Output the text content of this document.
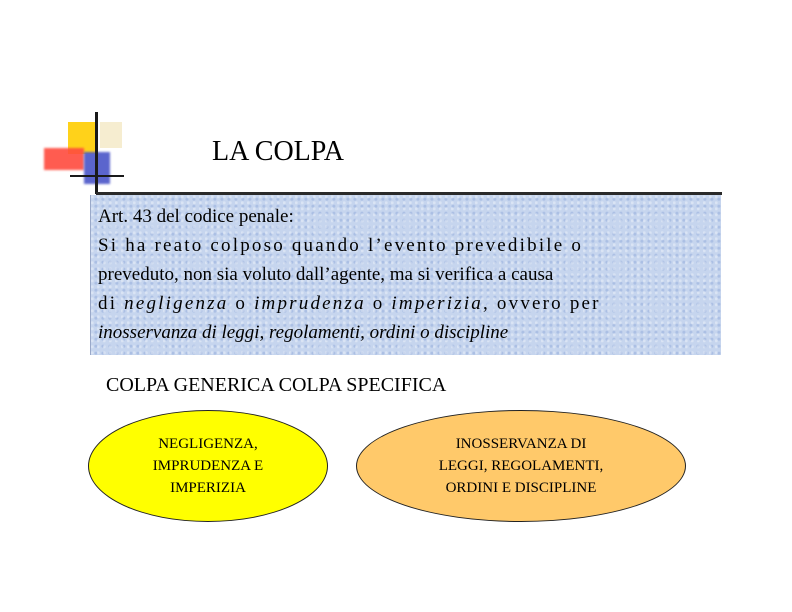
LA COLPA
Art. 43 del codice penale:
Si ha reato colposo quando l’evento prevedibile o
preveduto, non sia voluto dall’agente, ma si verifica a causa
di negligenza o imprudenza o imperizia, ovvero per
inosservanza di leggi, regolamenti, ordini o discipline
COLPA GENERICA COLPA SPECIFICA
NEGLIGENZA,
IMPRUDENZA E
IMPERIZIA
INOSSERVANZA DI
LEGGI, REGOLAMENTI,
ORDINI E DISCIPLINE
